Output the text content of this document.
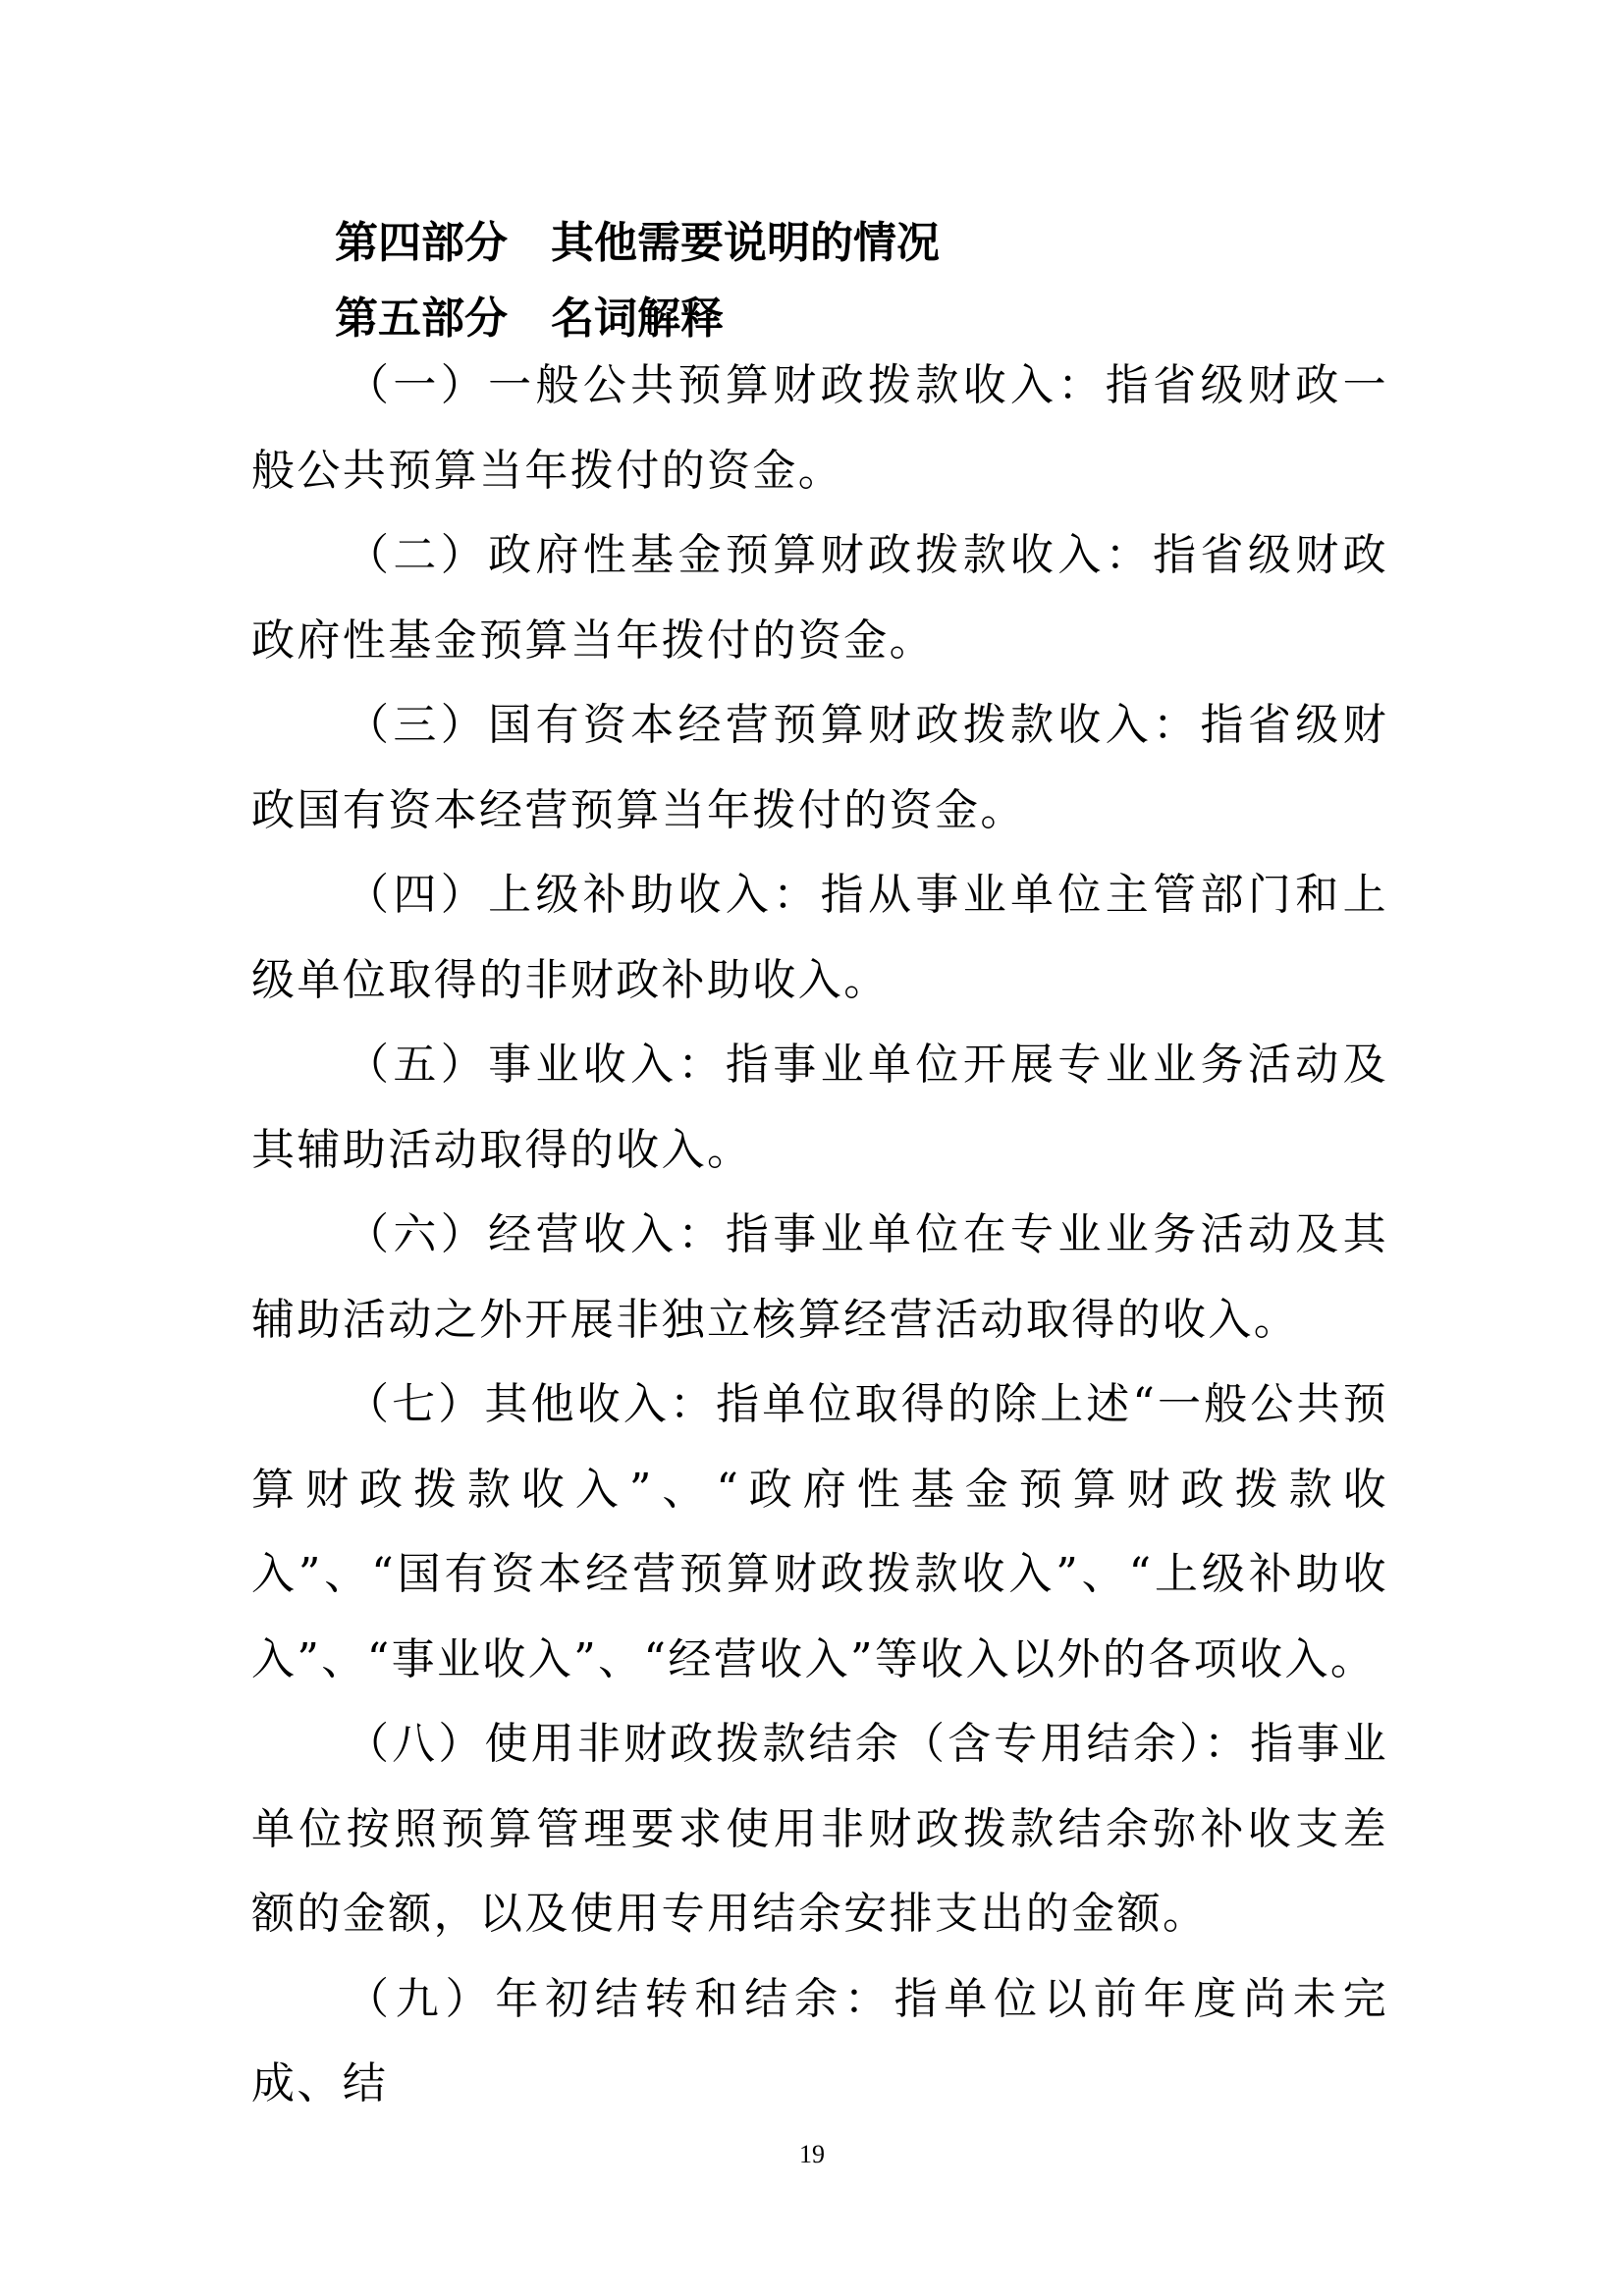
第四部分 其他需要说明的情况
第五部分 名词解释

（一）一般公共预算财政拨款收入：指省级财政一般公共预算当年拨付的资金。

（二）政府性基金预算财政拨款收入：指省级财政政府性基金预算当年拨付的资金。

（三）国有资本经营预算财政拨款收入：指省级财政国有资本经营预算当年拨付的资金。

（四）上级补助收入：指从事业单位主管部门和上级单位取得的非财政补助收入。

（五）事业收入：指事业单位开展专业业务活动及其辅助活动取得的收入。

（六）经营收入：指事业单位在专业业务活动及其辅助活动之外开展非独立核算经营活动取得的收入。

（七）其他收入：指单位取得的除上述“一般公共预算财政拨款收入”、“政府性基金预算财政拨款收入”、“国有资本经营预算财政拨款收入”、“上级补助收入”、“事业收入”、“经营收入”等收入以外的各项收入。

（八）使用非财政拨款结余（含专用结余）：指事业单位按照预算管理要求使用非财政拨款结余弥补收支差额的金额，以及使用专用结余安排支出的金额。

（九）年初结转和结余：指单位以前年度尚未完成、结

19
